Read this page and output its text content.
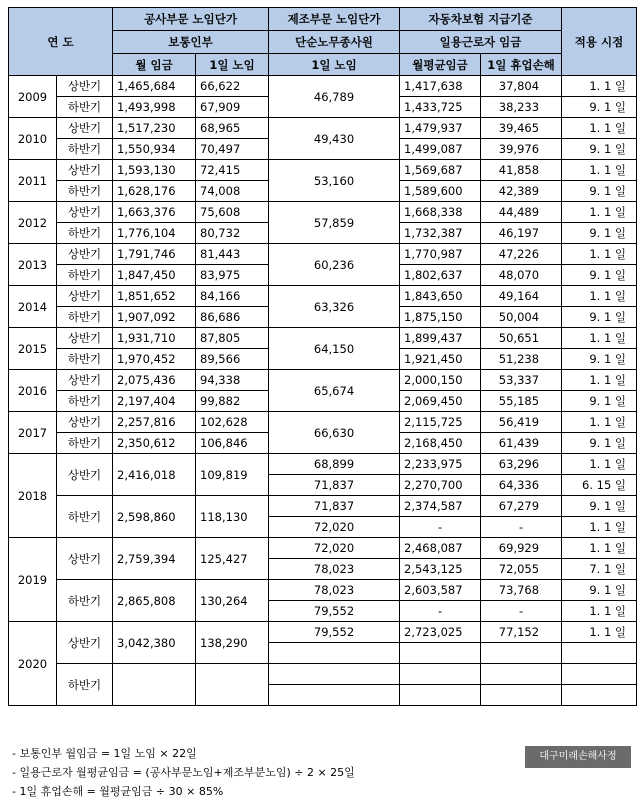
연 도		공사부문 노임단가		제조부문 노임단가	자동차보험 지급기준		적용 시점
		보통인부		단순노무종사원	일용근로자 임금		
		월 임금	1일 노임	1일 노임	월평균임금	1일 휴업손해	
2009	상반기	1,465,684	66,622	46,789	1,417,638	37,804	1. 1 일
	하반기	1,493,998	67,909		1,433,725	38,233	9. 1 일
2010	상반기	1,517,230	68,965	49,430	1,479,937	39,465	1. 1 일
	하반기	1,550,934	70,497		1,499,087	39,976	9. 1 일
2011	상반기	1,593,130	72,415	53,160	1,569,687	41,858	1. 1 일
	하반기	1,628,176	74,008		1,589,600	42,389	9. 1 일
2012	상반기	1,663,376	75,608	57,859	1,668,338	44,489	1. 1 일
	하반기	1,776,104	80,732		1,732,387	46,197	9. 1 일
2013	상반기	1,791,746	81,443	60,236	1,770,987	47,226	1. 1 일
	하반기	1,847,450	83,975		1,802,637	48,070	9. 1 일
2014	상반기	1,851,652	84,166	63,326	1,843,650	49,164	1. 1 일
	하반기	1,907,092	86,686		1,875,150	50,004	9. 1 일
2015	상반기	1,931,710	87,805	64,150	1,899,437	50,651	1. 1 일
	하반기	1,970,452	89,566		1,921,450	51,238	9. 1 일
2016	상반기	2,075,436	94,338	65,674	2,000,150	53,337	1. 1 일
	하반기	2,197,404	99,882		2,069,450	55,185	9. 1 일
2017	상반기	2,257,816	102,628	66,630	2,115,725	56,419	1. 1 일
	하반기	2,350,612	106,846		2,168,450	61,439	9. 1 일
2018	상반기	2,416,018	109,819	68,899	2,233,975	63,296	1. 1 일
				71,837	2,270,700	64,336	6. 15 일
	하반기	2,598,860	118,130	71,837	2,374,587	67,279	9. 1 일
				72,020	-	-	1. 1 일
2019	상반기	2,759,394	125,427	72,020	2,468,087	69,929	1. 1 일
				78,023	2,543,125	72,055	7. 1 일
	하반기	2,865,808	130,264	78,023	2,603,587	73,768	9. 1 일
				79,552	-	-	1. 1 일
2020	상반기	3,042,380	138,290	79,552	2,723,025	77,152	1. 1 일

	하반기						

- 보통인부 월임금 = 1일 노임 × 22일
- 일용근로자 월평균임금 = (공사부문노임+제조부분노임) ÷ 2 × 25일
- 1일 휴업손해 = 월평균임금 ÷ 30 × 85%
대구미래손해사정
